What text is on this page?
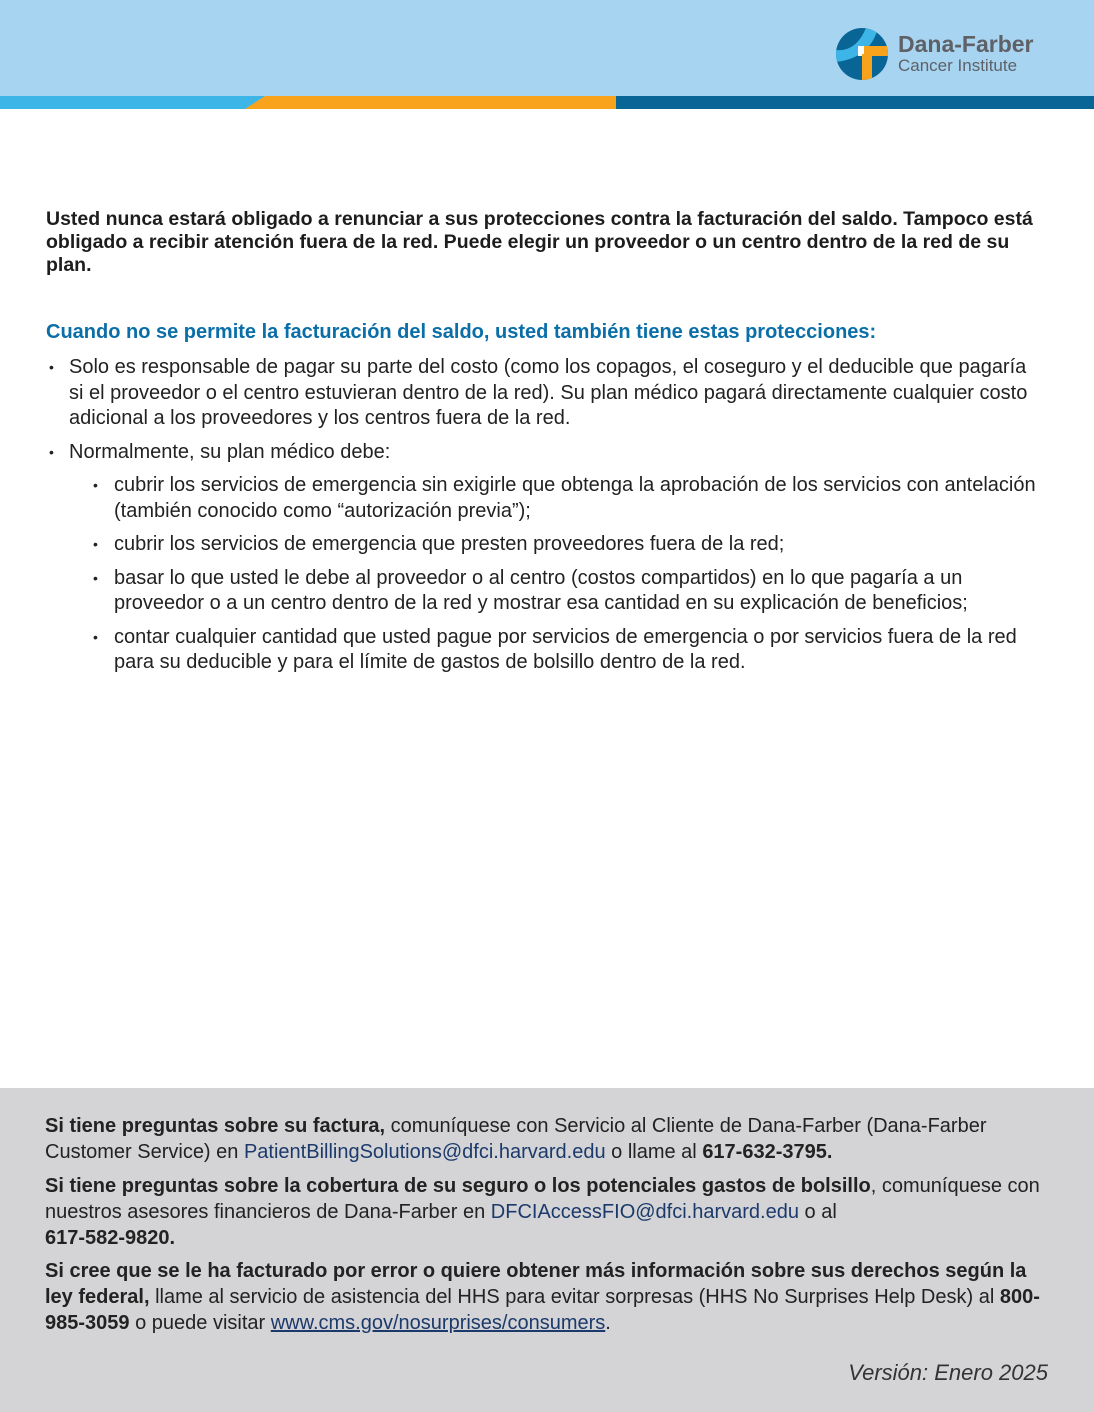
Dana-Farber
Cancer Institute

Usted nunca estará obligado a renunciar a sus protecciones contra la facturación del saldo. Tampoco está obligado a recibir atención fuera de la red. Puede elegir un proveedor o un centro dentro de la red de su plan.

Cuando no se permite la facturación del saldo, usted también tiene estas protecciones:
• Solo es responsable de pagar su parte del costo (como los copagos, el coseguro y el deducible que pagaría si el proveedor o el centro estuvieran dentro de la red). Su plan médico pagará directamente cualquier costo adicional a los proveedores y los centros fuera de la red.
• Normalmente, su plan médico debe:
• cubrir los servicios de emergencia sin exigirle que obtenga la aprobación de los servicios con antelación (también conocido como “autorización previa”);
• cubrir los servicios de emergencia que presten proveedores fuera de la red;
• basar lo que usted le debe al proveedor o al centro (costos compartidos) en lo que pagaría a un proveedor o a un centro dentro de la red y mostrar esa cantidad en su explicación de beneficios;
• contar cualquier cantidad que usted pague por servicios de emergencia o por servicios fuera de la red para su deducible y para el límite de gastos de bolsillo dentro de la red.

Si tiene preguntas sobre su factura, comuníquese con Servicio al Cliente de Dana-Farber (Dana-Farber Customer Service) en PatientBillingSolutions@dfci.harvard.edu o llame al 617-632-3795.

Si tiene preguntas sobre la cobertura de su seguro o los potenciales gastos de bolsillo, comuníquese con nuestros asesores financieros de Dana-Farber en DFCIAccessFIO@dfci.harvard.edu o al
617-582-9820.

Si cree que se le ha facturado por error o quiere obtener más información sobre sus derechos según la ley federal, llame al servicio de asistencia del HHS para evitar sorpresas (HHS No Surprises Help Desk) al 800-985-3059 o puede visitar www.cms.gov/nosurprises/consumers.

Versión: Enero 2025
